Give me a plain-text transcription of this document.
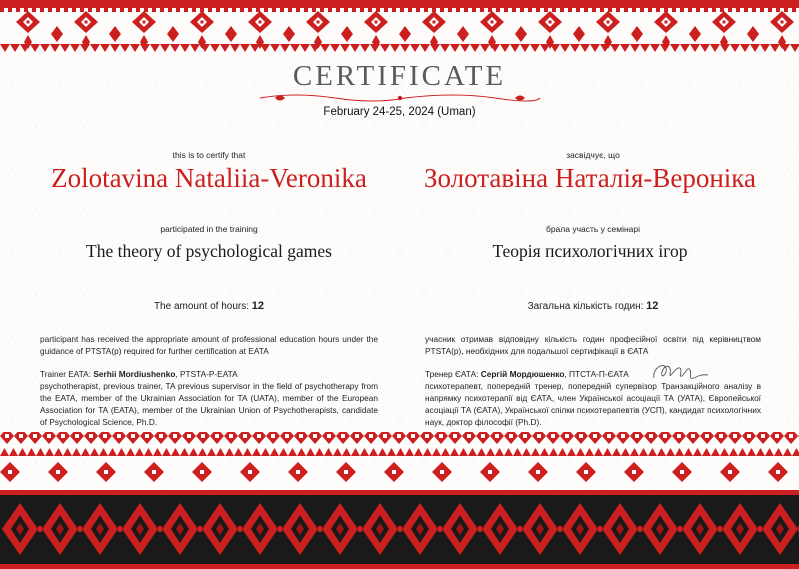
CERTIFICATE
February 24-25, 2024 (Uman)
this is to certify that
Zolotavina Nataliia-Veronika
participated in the training
The theory of psychological games
The amount of hours: 12

participant has received the appropriate amount of professional education hours under the guidance of PTSTA(p) required for further certification at EATA

Trainer EATA: Serhii Mordiushenko, PTSTA-P-EATA
psychotherapist, previous trainer, TA previous supervisor in the field of psychotherapy from the EATA, member of the Ukrainian Association for TA (UATA), member of the European Association for TA (EATA), member of the Ukrainian Union of Psychotherapists, candidate of Psychological Science, Ph.D.

засвідчує, що
Золотавіна Наталія-Вероніка
брала участь у семінарі
Теорія психологічних ігор
Загальна кількість годин: 12

учасник отримав відповідну кількість годин професійної освіти під керівництвом PTSTA(p), необхідних для подальшої сертифікації в ЄАТА

Тренер ЄАТА: Сергій Мордюшенко, ПТСТА-П-ЄАТА
психотерапевт, попередній тренер, попередній супервізор Транзакційного аналізу в напрямку психотерапії від ЄАТА, член Української асоціації ТА (УАТА), Європейської асоціації ТА (ЄАТА), Української спілки психотерапевтів (УСП), кандидат психологічних наук, доктор філософії (Ph.D).
